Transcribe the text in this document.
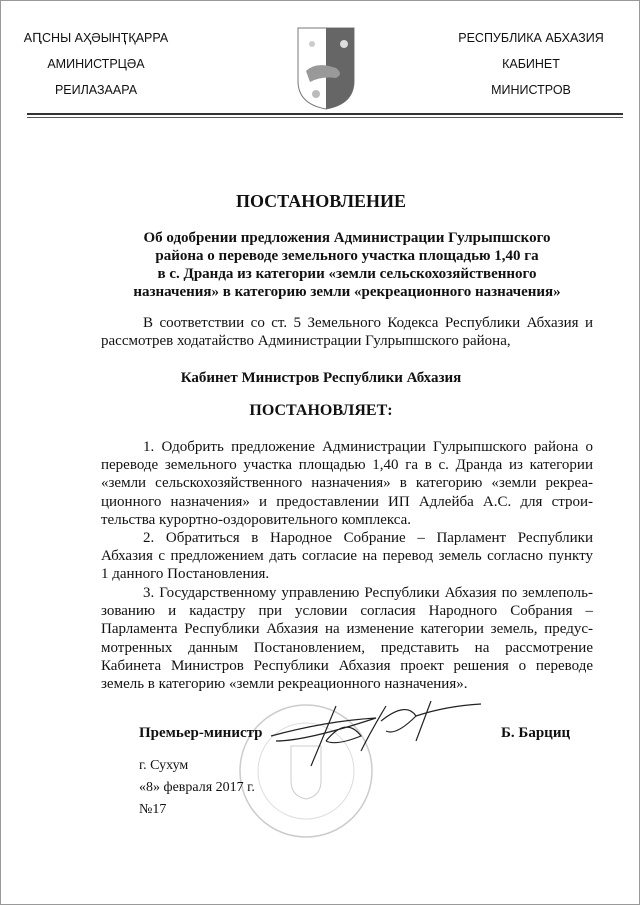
АԤСНЫ АҲӘЫНҬҚАРРА
АМИНИСТРЦӘА
РЕИЛАЗААРА
РЕСПУБЛИКА АБХАЗИЯ
КАБИНЕТ
МИНИСТРОВ
ПОСТАНОВЛЕНИЕ
Об одобрении предложения Администрации Гулрыпшского
района о переводе земельного участка площадью 1,40 га
в с. Дранда из категории «земли сельскохозяйственного
назначения» в категорию земли «рекреационного назначения»
В соответствии со ст. 5 Земельного Кодекса Республики Абхазия и
рассмотрев ходатайство Администрации Гулрыпшского района,
Кабинет Министров Республики Абхазия
ПОСТАНОВЛЯЕТ:
1. Одобрить предложение Администрации Гулрыпшского района о
переводе земельного участка площадью 1,40 га в с. Дранда из категории
«земли сельскохозяйственного назначения» в категорию «земли рекреа-
ционного назначения» и предоставлении ИП Адлейба А.С. для строи-
тельства курортно-оздоровительного комплекса.
2. Обратиться в Народное Собрание – Парламент Республики
Абхазия с предложением дать согласие на перевод земель согласно пункту
1 данного Постановления.
3. Государственному управлению Республики Абхазия по землеполь-
зованию и кадастру при условии согласия Народного Собрания –
Парламента Республики Абхазия на изменение категории земель, предус-
мотренных данным Постановлением, представить на рассмотрение
Кабинета Министров Республики Абхазия проект решения о переводе
земель в категорию «земли рекреационного назначения».
Премьер-министр	Б. Барциц
г. Сухум
«8» февраля 2017 г.
№17
